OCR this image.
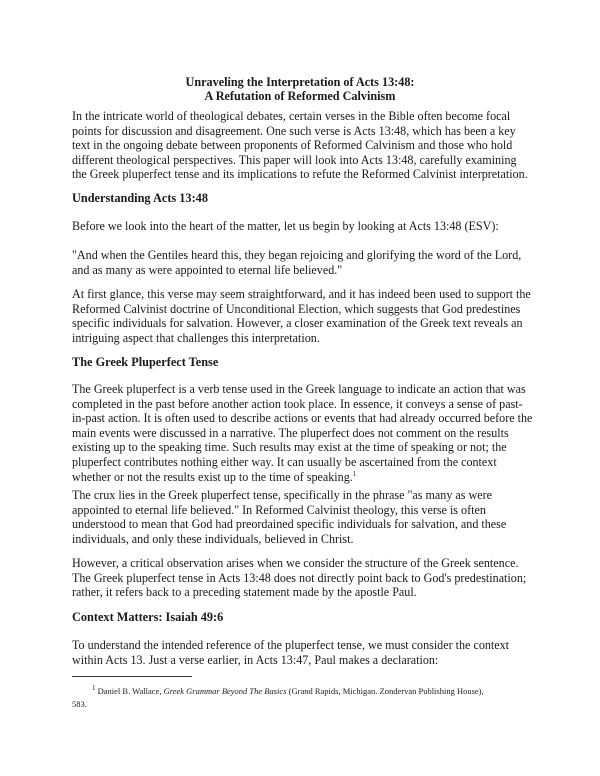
Unraveling the Interpretation of Acts 13:48:
A Refutation of Reformed Calvinism

In the intricate world of theological debates, certain verses in the Bible often become focal points for discussion and disagreement. One such verse is Acts 13:48, which has been a key text in the ongoing debate between proponents of Reformed Calvinism and those who hold different theological perspectives. This paper will look into Acts 13:48, carefully examining the Greek pluperfect tense and its implications to refute the Reformed Calvinist interpretation.

Understanding Acts 13:48

Before we look into the heart of the matter, let us begin by looking at Acts 13:48 (ESV):

"And when the Gentiles heard this, they began rejoicing and glorifying the word of the Lord, and as many as were appointed to eternal life believed."

At first glance, this verse may seem straightforward, and it has indeed been used to support the Reformed Calvinist doctrine of Unconditional Election, which suggests that God predestines specific individuals for salvation. However, a closer examination of the Greek text reveals an intriguing aspect that challenges this interpretation.

The Greek Pluperfect Tense

The Greek pluperfect is a verb tense used in the Greek language to indicate an action that was completed in the past before another action took place. In essence, it conveys a sense of past-in-past action. It is often used to describe actions or events that had already occurred before the main events were discussed in a narrative. The pluperfect does not comment on the results existing up to the speaking time. Such results may exist at the time of speaking or not; the pluperfect contributes nothing either way. It can usually be ascertained from the context whether or not the results exist up to the time of speaking.$^1$

The crux lies in the Greek pluperfect tense, specifically in the phrase "as many as were appointed to eternal life believed." In Reformed Calvinist theology, this verse is often understood to mean that God had preordained specific individuals for salvation, and these individuals, and only these individuals, believed in Christ.

However, a critical observation arises when we consider the structure of the Greek sentence. The Greek pluperfect tense in Acts 13:48 does not directly point back to God's predestination; rather, it refers back to a preceding statement made by the apostle Paul.

Context Matters: Isaiah 49:6

To understand the intended reference of the pluperfect tense, we must consider the context within Acts 13. Just a verse earlier, in Acts 13:47, Paul makes a declaration:

$^1$ Daniel B. Wallace, Greek Grammar Beyond The Basics (Grand Rapids, Michigan. Zondervan Publishing House),
583.
